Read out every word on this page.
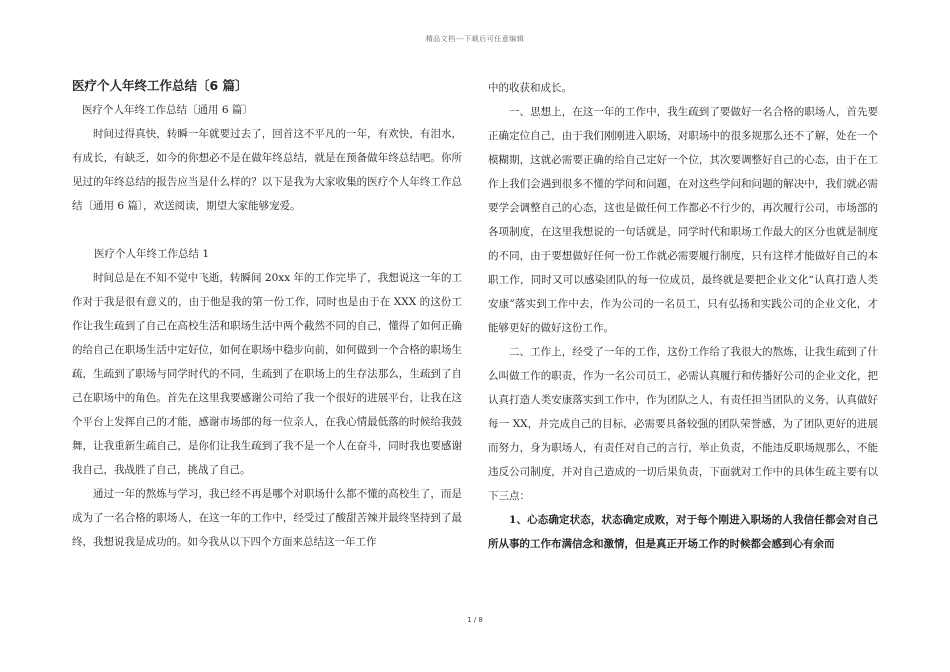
精品文档---下载后可任意编辑
医疗个人年终工作总结〔6 篇〕

医疗个人年终工作总结〔通用 6 篇〕

时间过得真快，转瞬一年就要过去了，回首这不平凡的一年，有欢快，有泪水，有成长，有缺乏，如今的你想必不是在做年终总结，就是在预备做年终总结吧。你所见过的年终总结的报告应当是什么样的？以下是我为大家收集的医疗个人年终工作总结〔通用 6 篇〕，欢送阅读，期望大家能够宠爱。

医疗个人年终工作总结 1

时间总是在不知不觉中飞逝，转瞬间 20xx 年的工作完毕了，我想说这一年的工作对于我是很有意义的，由于他是我的第一份工作，同时也是由于在 XXX 的这份工作让我生疏到了自己在高校生活和职场生活中两个截然不同的自己，懂得了如何正确的给自己在职场生活中定好位，如何在职场中稳步向前，如何做到一个合格的职场生疏，生疏到了职场与同学时代的不同，生疏到了在职场上的生存法那么，生疏到了自己在职场中的角色。首先在这里我要感谢公司给了我一个很好的进展平台，让我在这个平台上发挥自己的才能，感谢市场部的每一位亲人，在我心情最低落的时候给我鼓舞，让我重新生疏自己，是你们让我生疏到了我不是一个人在奋斗，同时我也要感谢我自己，我战胜了自己，挑战了自己。

通过一年的熬炼与学习，我已经不再是哪个对职场什么都不懂的高校生了，而是成为了一名合格的职场人，在这一年的工作中，经受过了酸甜苦辣并最终坚持到了最终，我想说我是成功的。如今我从以下四个方面来总结这一年工作

中的收获和成长。

一、思想上，在这一年的工作中，我生疏到了要做好一名合格的职场人，首先要正确定位自己，由于我们刚刚进入职场，对职场中的很多规那么还不了解，处在一个模糊期，这就必需要正确的给自己定好一个位，其次要调整好自己的心态，由于在工作上我们会遇到很多不懂的学问和问题，在对这些学问和问题的解决中，我们就必需要学会调整自己的心态，这也是做任何工作都必不行少的，再次履行公司，市场部的各项制度，在这里我想说的一句话就是，同学时代和职场工作最大的区分也就是制度的不同，由于要想做好任何一份工作就必需要履行制度，只有这样才能做好自己的本职工作，同时又可以感染团队的每一位成员，最终就是要把企业文化“认真打造人类安康”落实到工作中去，作为公司的一名员工，只有弘扬和实践公司的企业文化，才能够更好的做好这份工作。

二、工作上，经受了一年的工作，这份工作给了我很大的熬炼，让我生疏到了什么叫做工作的职责，作为一名公司员工，必需认真履行和传播好公司的企业文化，把认真打造人类安康落实到工作中，作为团队之人，有责任担当团队的义务，认真做好每一 XX，并完成自己的目标，必需要具备较强的团队荣誉感，为了团队更好的进展而努力，身为职场人，有责任对自己的言行，举止负责，不能违反职场规那么，不能违反公司制度，并对自己造成的一切后果负责，下面就对工作中的具体生疏主要有以下三点：

1、心态确定状态，状态确定成败，对于每个刚进入职场的人我信任都会对自己所从事的工作布满信念和激情，但是真正开场工作的时候都会感到心有余而

1 / 8
